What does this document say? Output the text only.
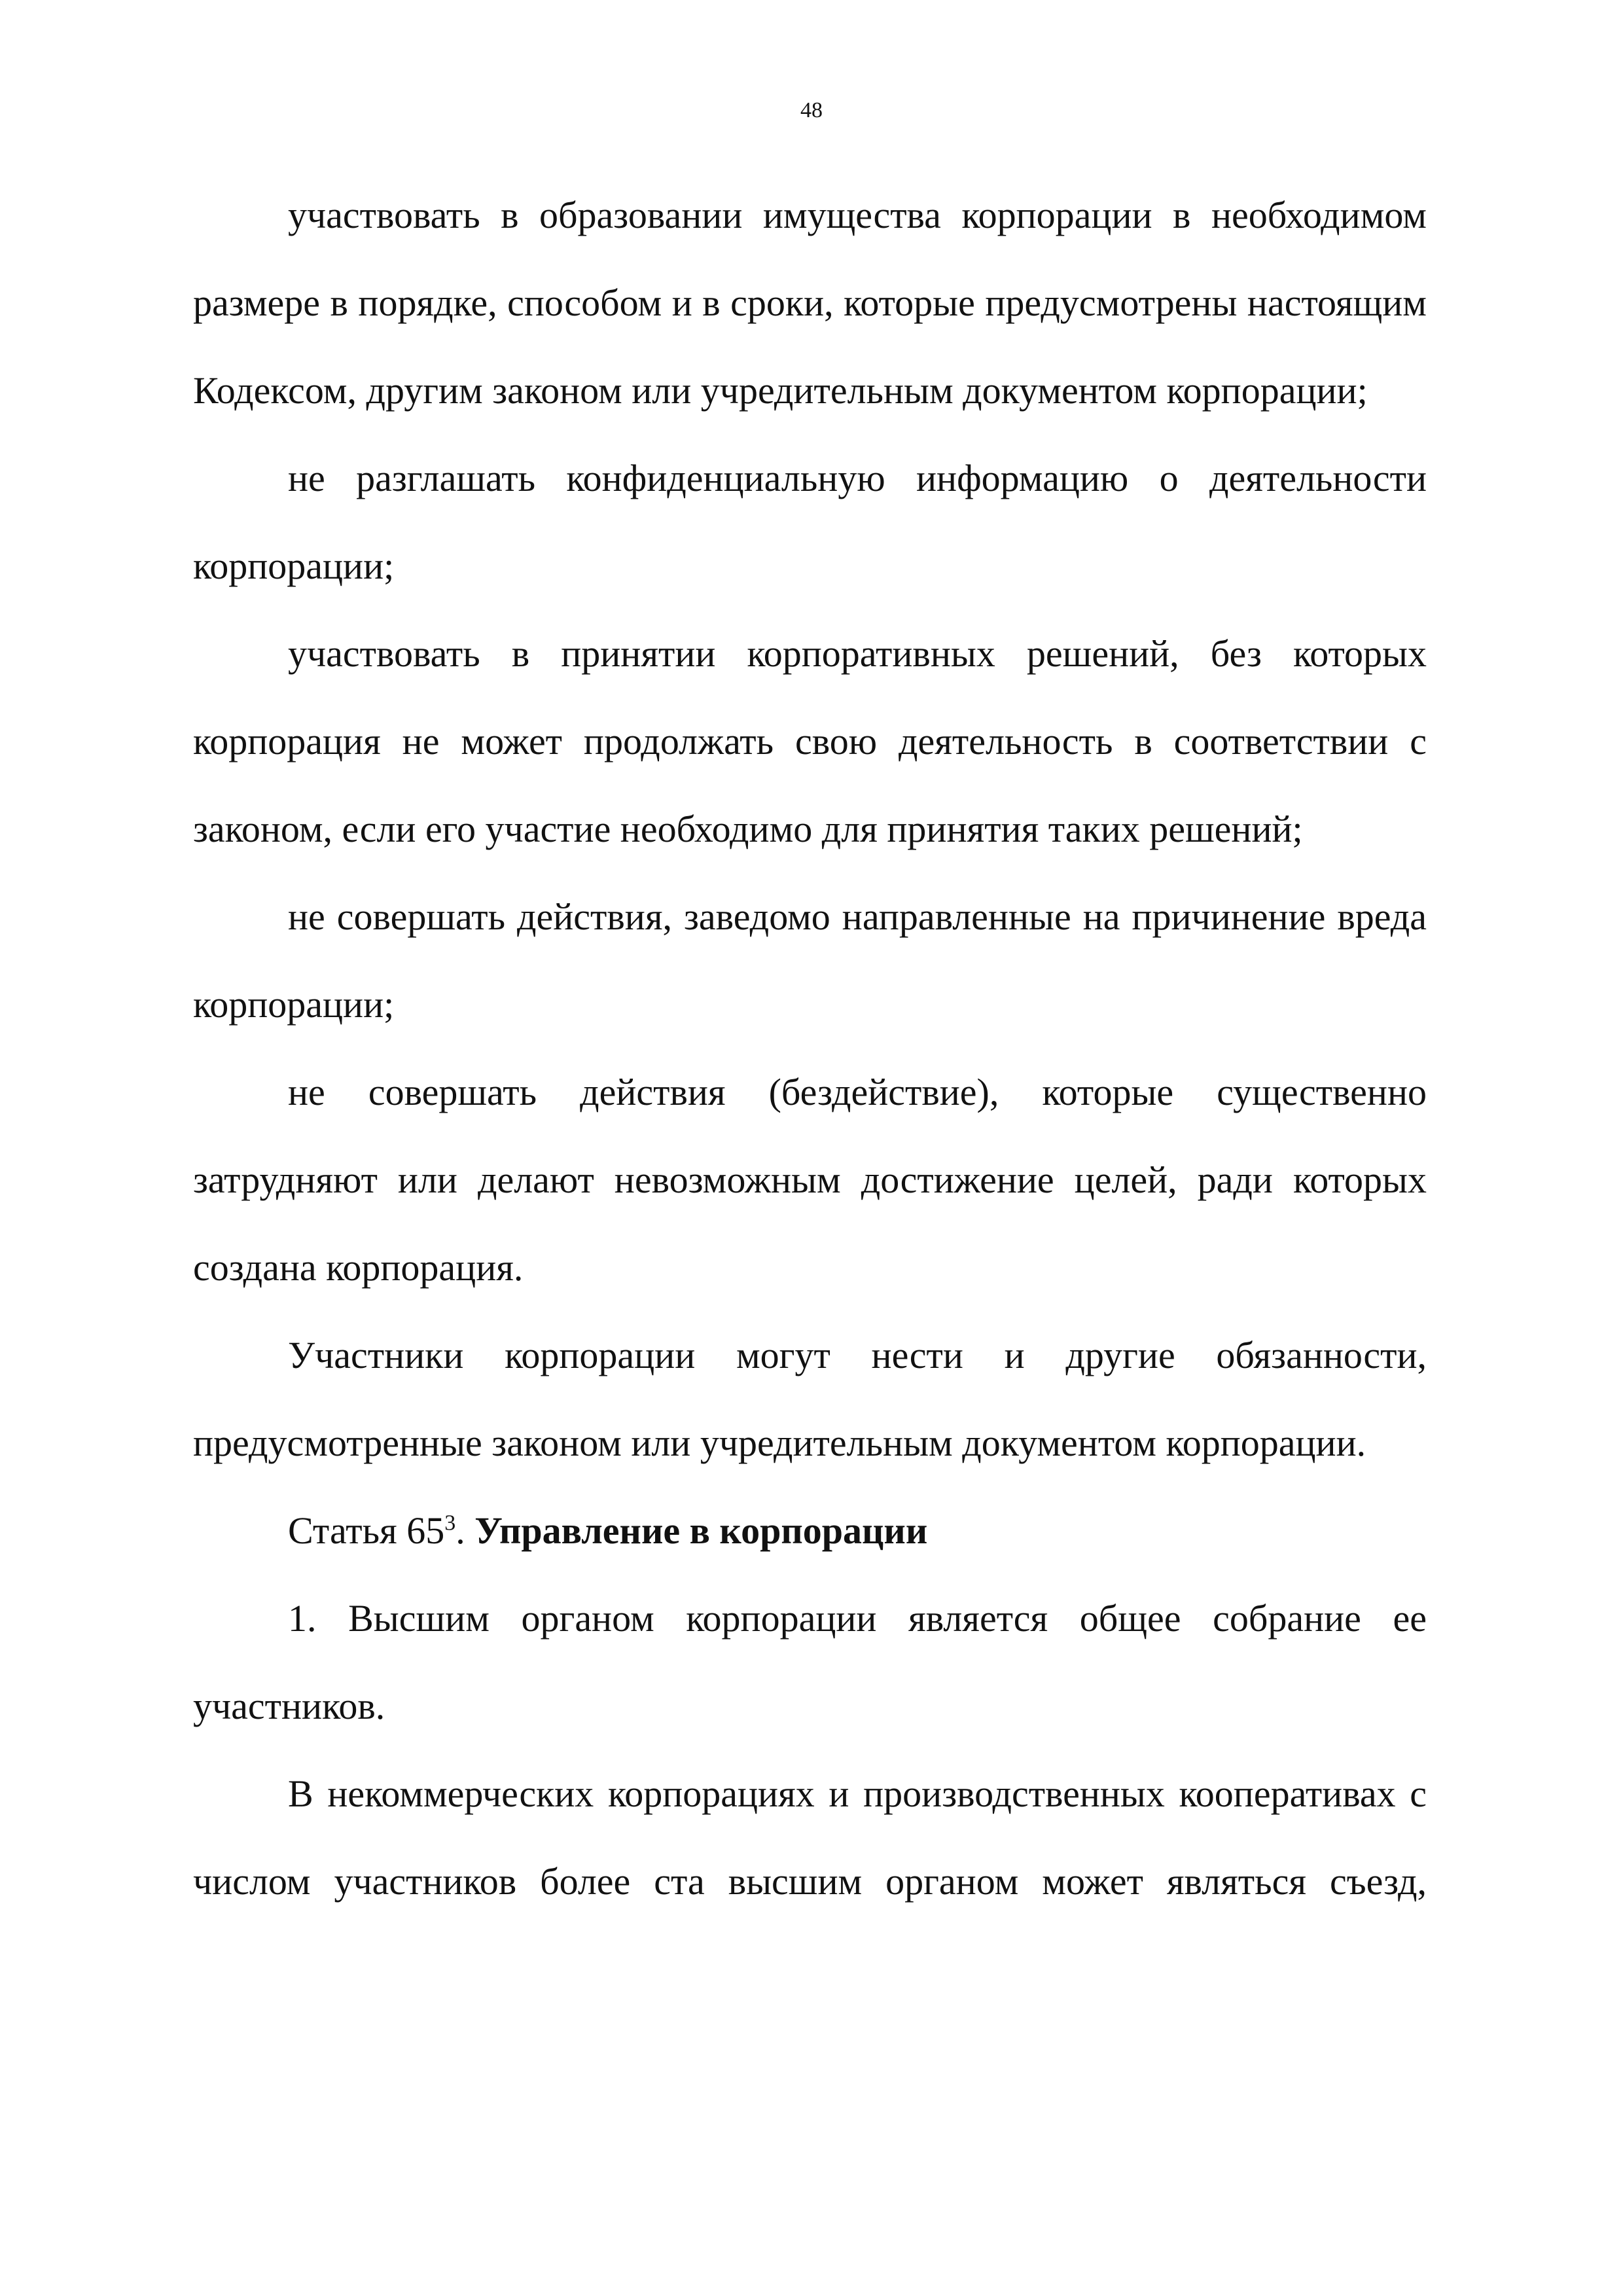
48

участвовать в образовании имущества корпорации в необходимом размере в порядке, способом и в сроки, которые предусмотрены настоящим Кодексом, другим законом или учредительным документом корпорации;

не разглашать конфиденциальную информацию о деятельности корпорации;

участвовать в принятии корпоративных решений, без которых корпорация не может продолжать свою деятельность в соответствии с законом, если его участие необходимо для принятия таких решений;

не совершать действия, заведомо направленные на причинение вреда корпорации;

не совершать действия (бездействие), которые существенно затрудняют или делают невозможным достижение целей, ради которых создана корпорация.

Участники корпорации могут нести и другие обязанности, предусмотренные законом или учредительным документом корпорации.

Статья $65^3$. Управление в корпорации

1. Высшим органом корпорации является общее собрание ее участников.

В некоммерческих корпорациях и производственных кооперативах с числом участников более ста высшим органом может являться съезд,
